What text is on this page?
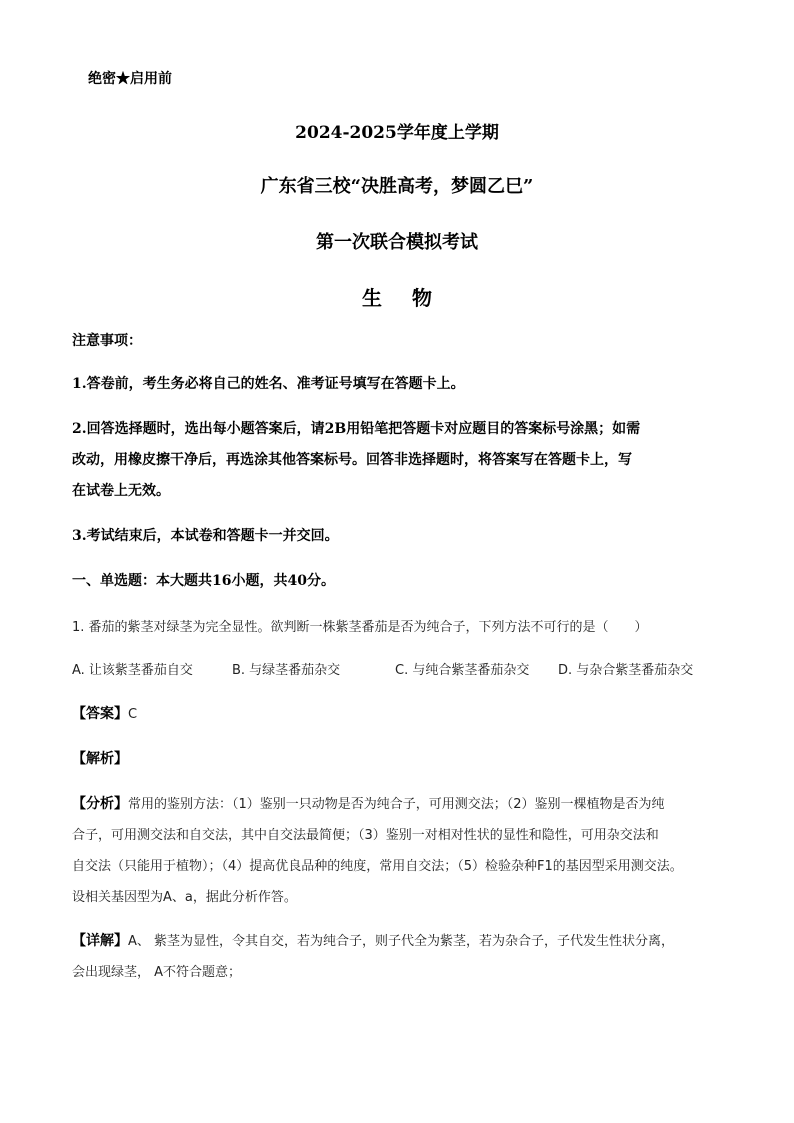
绝密★启用前
2024-2025学年度上学期
广东省三校“决胜高考，梦圆乙巳”
第一次联合模拟考试
生物
注意事项：
1.答卷前，考生务必将自己的姓名、准考证号填写在答题卡上。
2.回答选择题时，选出每小题答案后，请2B用铅笔把答题卡对应题目的答案标号涂黑；如需
改动，用橡皮擦干净后，再选涂其他答案标号。回答非选择题时，将答案写在答题卡上，写
在试卷上无效。
3.考试结束后，本试卷和答题卡一并交回。
一、单选题：本大题共16小题，共40分。
1. 番茄的紫茎对绿茎为完全显性。欲判断一株紫茎番茄是否为纯合子，下列方法不可行的是（　　）
A. 让该紫茎番茄自交	B. 与绿茎番茄杂交	C. 与纯合紫茎番茄杂交 D. 与杂合紫茎番茄杂交
【答案】C
【解析】
【分析】常用的鉴别方法：（1）鉴别一只动物是否为纯合子，可用测交法；（2）鉴别一棵植物是否为纯
合子，可用测交法和自交法，其中自交法最简便；（3）鉴别一对相对性状的显性和隐性，可用杂交法和
自交法（只能用于植物）；（4）提高优良品种的纯度，常用自交法；（5）检验杂种F1的基因型采用测交法。
设相关基因型为A、a，据此分析作答。
【详解】A、 紫茎为显性，令其自交，若为纯合子，则子代全为紫茎，若为杂合子，子代发生性状分离，
会出现绿茎， A不符合题意；
